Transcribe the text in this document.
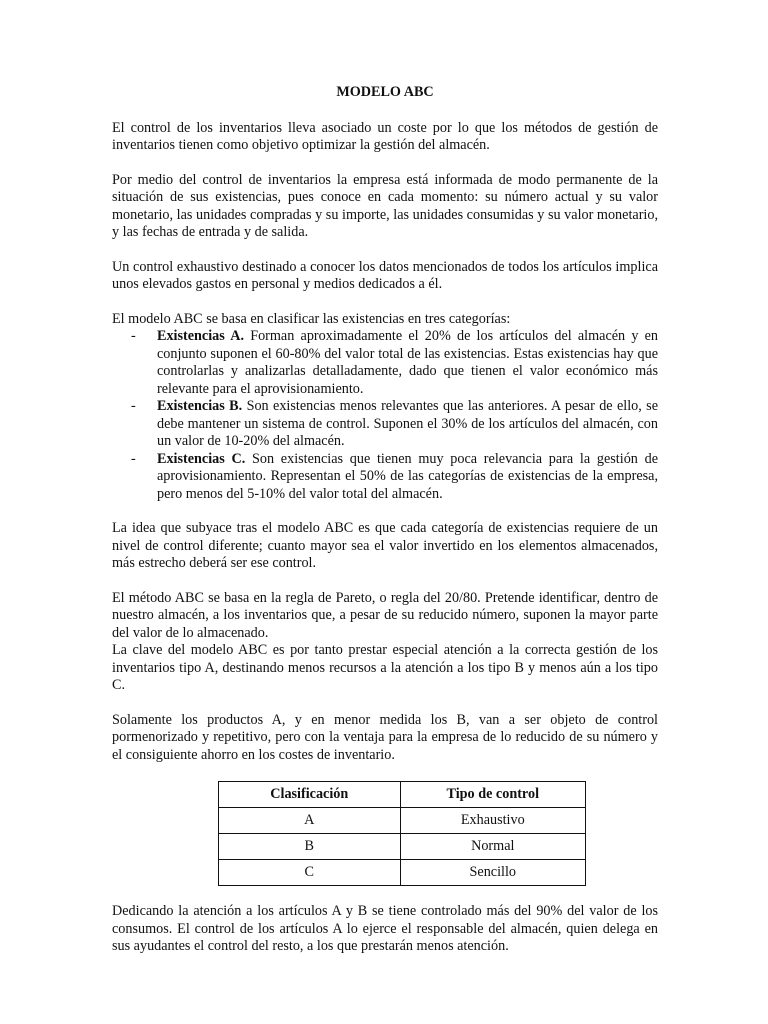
MODELO ABC

El control de los inventarios lleva asociado un coste por lo que los métodos de gestión de inventarios tienen como objetivo optimizar la gestión del almacén.

Por medio del control de inventarios la empresa está informada de modo permanente de la situación de sus existencias, pues conoce en cada momento: su número actual y su valor monetario, las unidades compradas y su importe, las unidades consumidas y su valor monetario, y las fechas de entrada y de salida.

Un control exhaustivo destinado a conocer los datos mencionados de todos los artículos implica unos elevados gastos en personal y medios dedicados a él.

El modelo ABC se basa en clasificar las existencias en tres categorías:

- Existencias A. Forman aproximadamente el 20% de los artículos del almacén y en conjunto suponen el 60-80% del valor total de las existencias. Estas existencias hay que controlarlas y analizarlas detalladamente, dado que tienen el valor económico más relevante para el aprovisionamiento.
- Existencias B. Son existencias menos relevantes que las anteriores. A pesar de ello, se debe mantener un sistema de control. Suponen el 30% de los artículos del almacén, con un valor de 10-20% del almacén.
- Existencias C. Son existencias que tienen muy poca relevancia para la gestión de aprovisionamiento. Representan el 50% de las categorías de existencias de la empresa, pero menos del 5-10% del valor total del almacén.

La idea que subyace tras el modelo ABC es que cada categoría de existencias requiere de un nivel de control diferente; cuanto mayor sea el valor invertido en los elementos almacenados, más estrecho deberá ser ese control.

El método ABC se basa en la regla de Pareto, o regla del 20/80. Pretende identificar, dentro de nuestro almacén, a los inventarios que, a pesar de su reducido número, suponen la mayor parte del valor de lo almacenado.

La clave del modelo ABC es por tanto prestar especial atención a la correcta gestión de los inventarios tipo A, destinando menos recursos a la atención a los tipo B y menos aún a los tipo C.

Solamente los productos A, y en menor medida los B, van a ser objeto de control pormenorizado y repetitivo, pero con la ventaja para la empresa de lo reducido de su número y el consiguiente ahorro en los costes de inventario.

Clasificación	Tipo de control
A	Exhaustivo
B	Normal
C	Sencillo

Dedicando la atención a los artículos A y B se tiene controlado más del 90% del valor de los consumos. El control de los artículos A lo ejerce el responsable del almacén, quien delega en sus ayudantes el control del resto, a los que prestarán menos atención.
